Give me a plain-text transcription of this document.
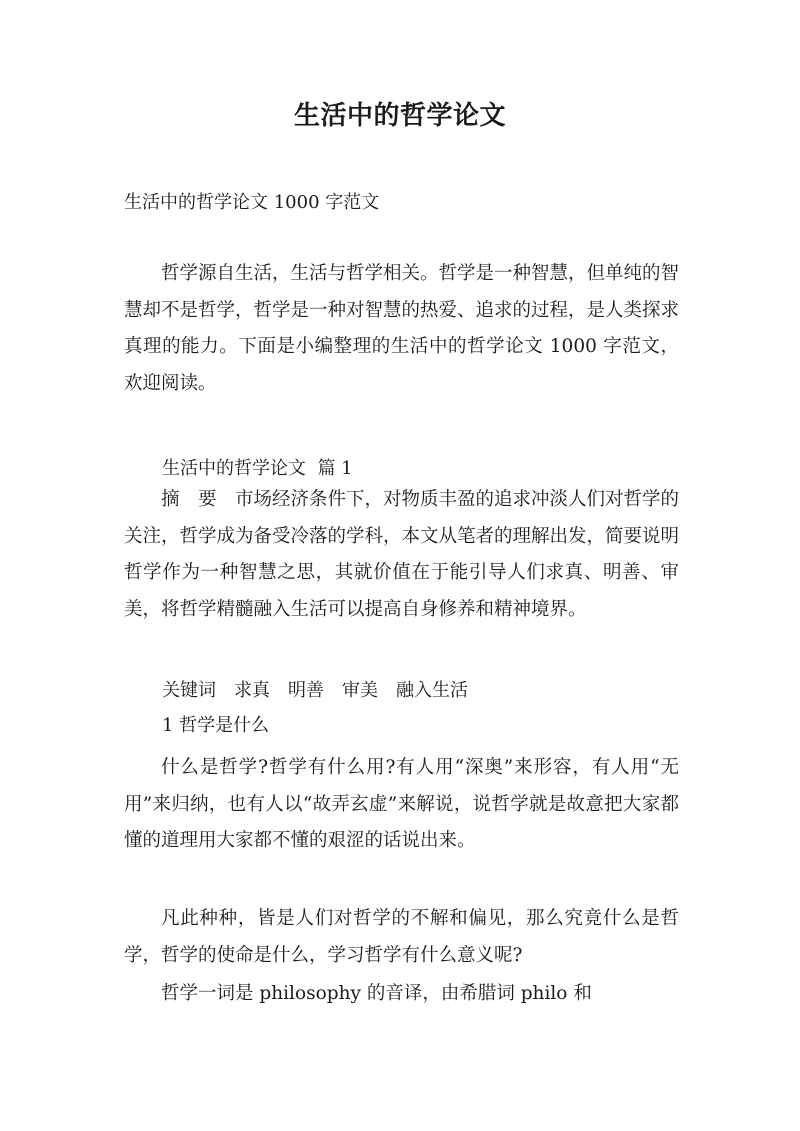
生活中的哲学论文
生活中的哲学论文 1000 字范文
哲学源自生活，生活与哲学相关。哲学是一种智慧，但单纯的智慧却不是哲学，哲学是一种对智慧的热爱、追求的过程，是人类探求真理的能力。下面是小编整理的生活中的哲学论文 1000 字范文，欢迎阅读。
生活中的哲学论文  篇 1
摘　要　市场经济条件下，对物质丰盈的追求冲淡人们对哲学的关注，哲学成为备受冷落的学科，本文从笔者的理解出发，简要说明哲学作为一种智慧之思，其就价值在于能引导人们求真、明善、审美，将哲学精髓融入生活可以提高自身修养和精神境界。
关键词　求真　明善　审美　融入生活
1 哲学是什么
什么是哲学?哲学有什么用?有人用“深奥”来形容，有人用“无用”来归纳，也有人以“故弄玄虚”来解说，说哲学就是故意把大家都懂的道理用大家都不懂的艰涩的话说出来。
凡此种种，皆是人们对哲学的不解和偏见，那么究竟什么是哲学，哲学的使命是什么，学习哲学有什么意义呢?
哲学一词是 philosophy 的音译，由希腊词 philo 和
